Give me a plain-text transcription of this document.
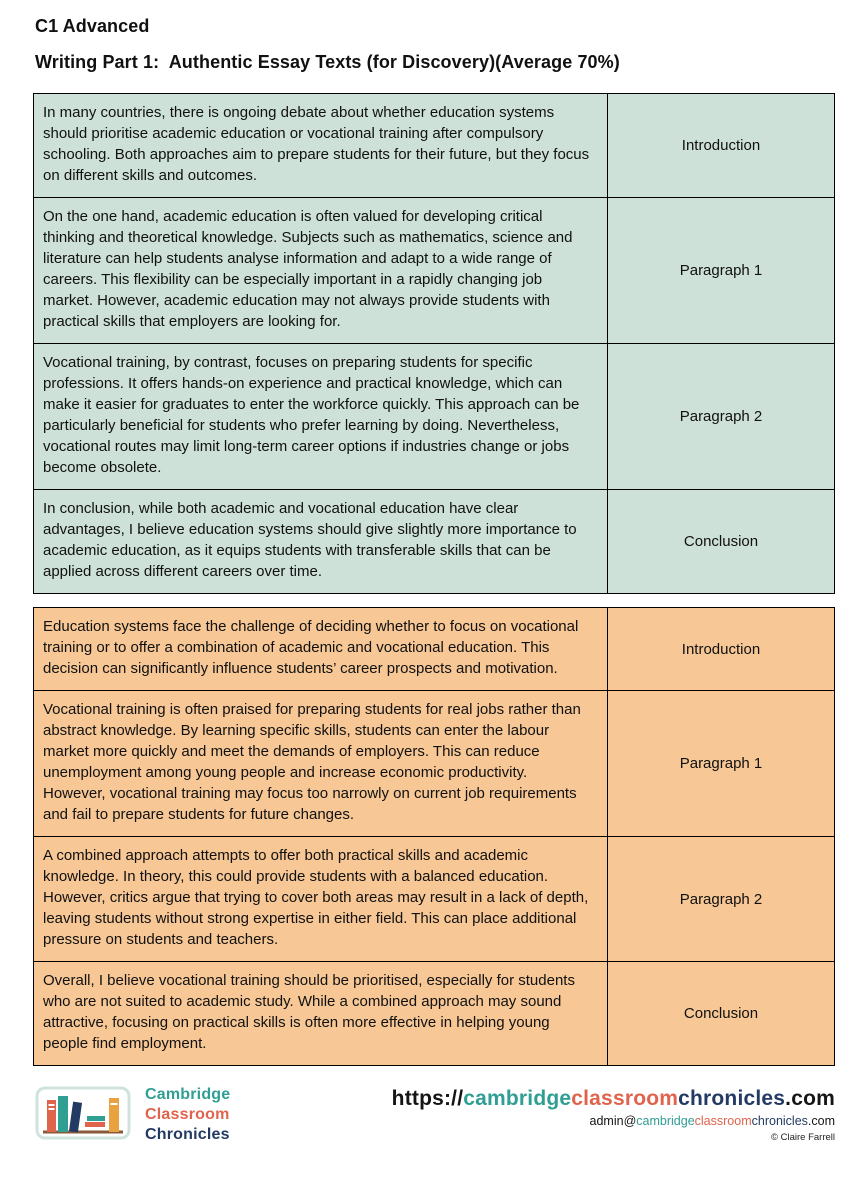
C1 Advanced
Writing Part 1:  Authentic Essay Texts (for Discovery)(Average 70%)

In many countries, there is ongoing debate about whether education systems should prioritise academic education or vocational training after compulsory schooling. Both approaches aim to prepare students for their future, but they focus on different skills and outcomes.

Introduction

On the one hand, academic education is often valued for developing critical thinking and theoretical knowledge. Subjects such as mathematics, science and literature can help students analyse information and adapt to a wide range of careers. This flexibility can be especially important in a rapidly changing job market. However, academic education may not always provide students with practical skills that employers are looking for.

Paragraph 1

Vocational training, by contrast, focuses on preparing students for specific professions. It offers hands-on experience and practical knowledge, which can make it easier for graduates to enter the workforce quickly. This approach can be particularly beneficial for students who prefer learning by doing. Nevertheless, vocational routes may limit long-term career options if industries change or jobs become obsolete.

Paragraph 2

In conclusion, while both academic and vocational education have clear advantages, I believe education systems should give slightly more importance to academic education, as it equips students with transferable skills that can be applied across different careers over time.

Conclusion

Education systems face the challenge of deciding whether to focus on vocational training or to offer a combination of academic and vocational education. This decision can significantly influence students’ career prospects and motivation.

Introduction

Vocational training is often praised for preparing students for real jobs rather than abstract knowledge. By learning specific skills, students can enter the labour market more quickly and meet the demands of employers. This can reduce unemployment among young people and increase economic productivity. However, vocational training may focus too narrowly on current job requirements and fail to prepare students for future changes.

Paragraph 1

A combined approach attempts to offer both practical skills and academic knowledge. In theory, this could provide students with a balanced education. However, critics argue that trying to cover both areas may result in a lack of depth, leaving students without strong expertise in either field. This can place additional pressure on students and teachers.

Paragraph 2

Overall, I believe vocational training should be prioritised, especially for students who are not suited to academic study. While a combined approach may sound attractive, focusing on practical skills is often more effective in helping young people find employment.

Conclusion
Cambridge
Classroom
Chronicles
https://cambridgeclassroomchronicles.com
admin@cambridgeclassroomchronicles.com
© Claire Farrell
